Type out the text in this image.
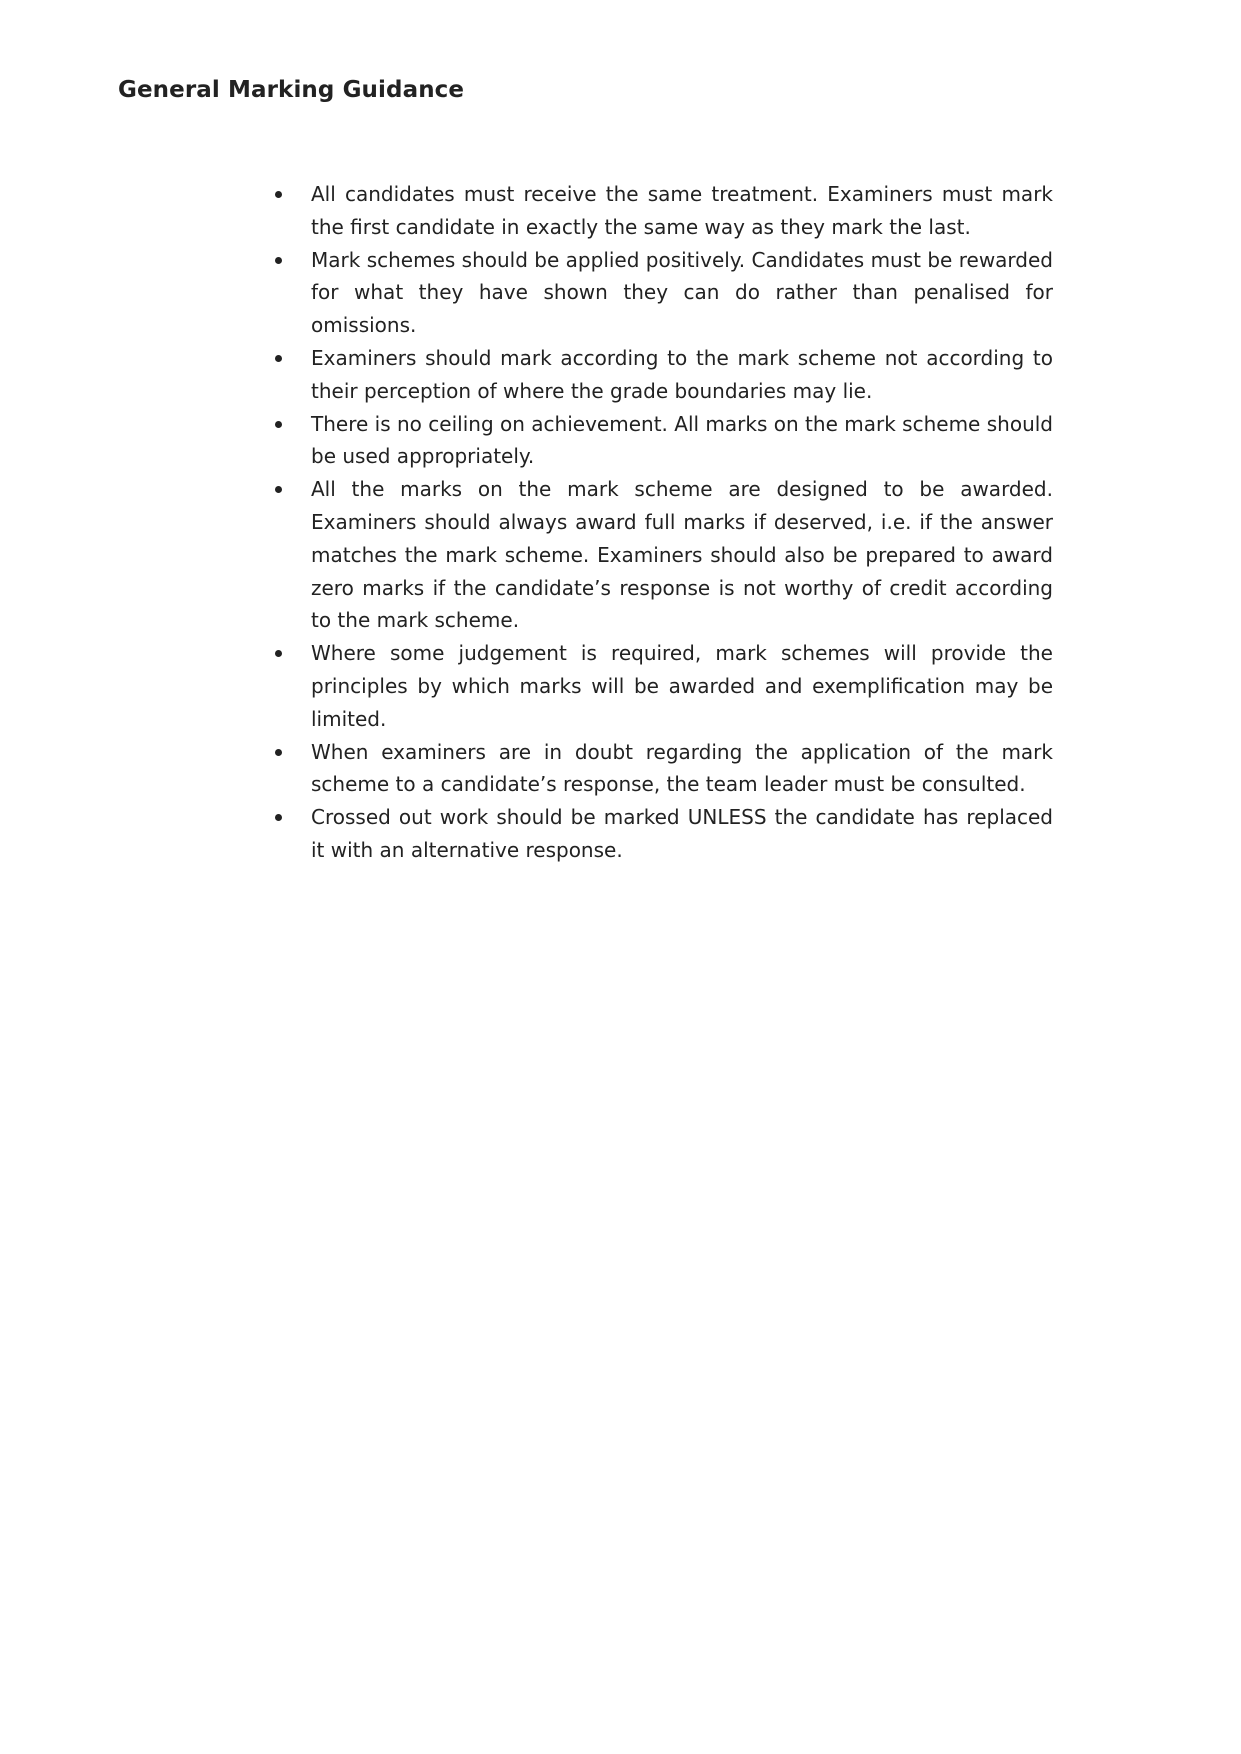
General Marking Guidance
All candidates must receive the same treatment. Examiners must mark the first candidate in exactly the same way as they mark the last.
Mark schemes should be applied positively. Candidates must be rewarded for what they have shown they can do rather than penalised for omissions.
Examiners should mark according to the mark scheme not according to their perception of where the grade boundaries may lie.
There is no ceiling on achievement. All marks on the mark scheme should be used appropriately.
All the marks on the mark scheme are designed to be awarded. Examiners should always award full marks if deserved, i.e. if the answer matches the mark scheme. Examiners should also be prepared to award zero marks if the candidate’s response is not worthy of credit according to the mark scheme.
Where some judgement is required, mark schemes will provide the principles by which marks will be awarded and exemplification may be limited.
When examiners are in doubt regarding the application of the mark scheme to a candidate’s response, the team leader must be consulted.
Crossed out work should be marked UNLESS the candidate has replaced it with an alternative response.
